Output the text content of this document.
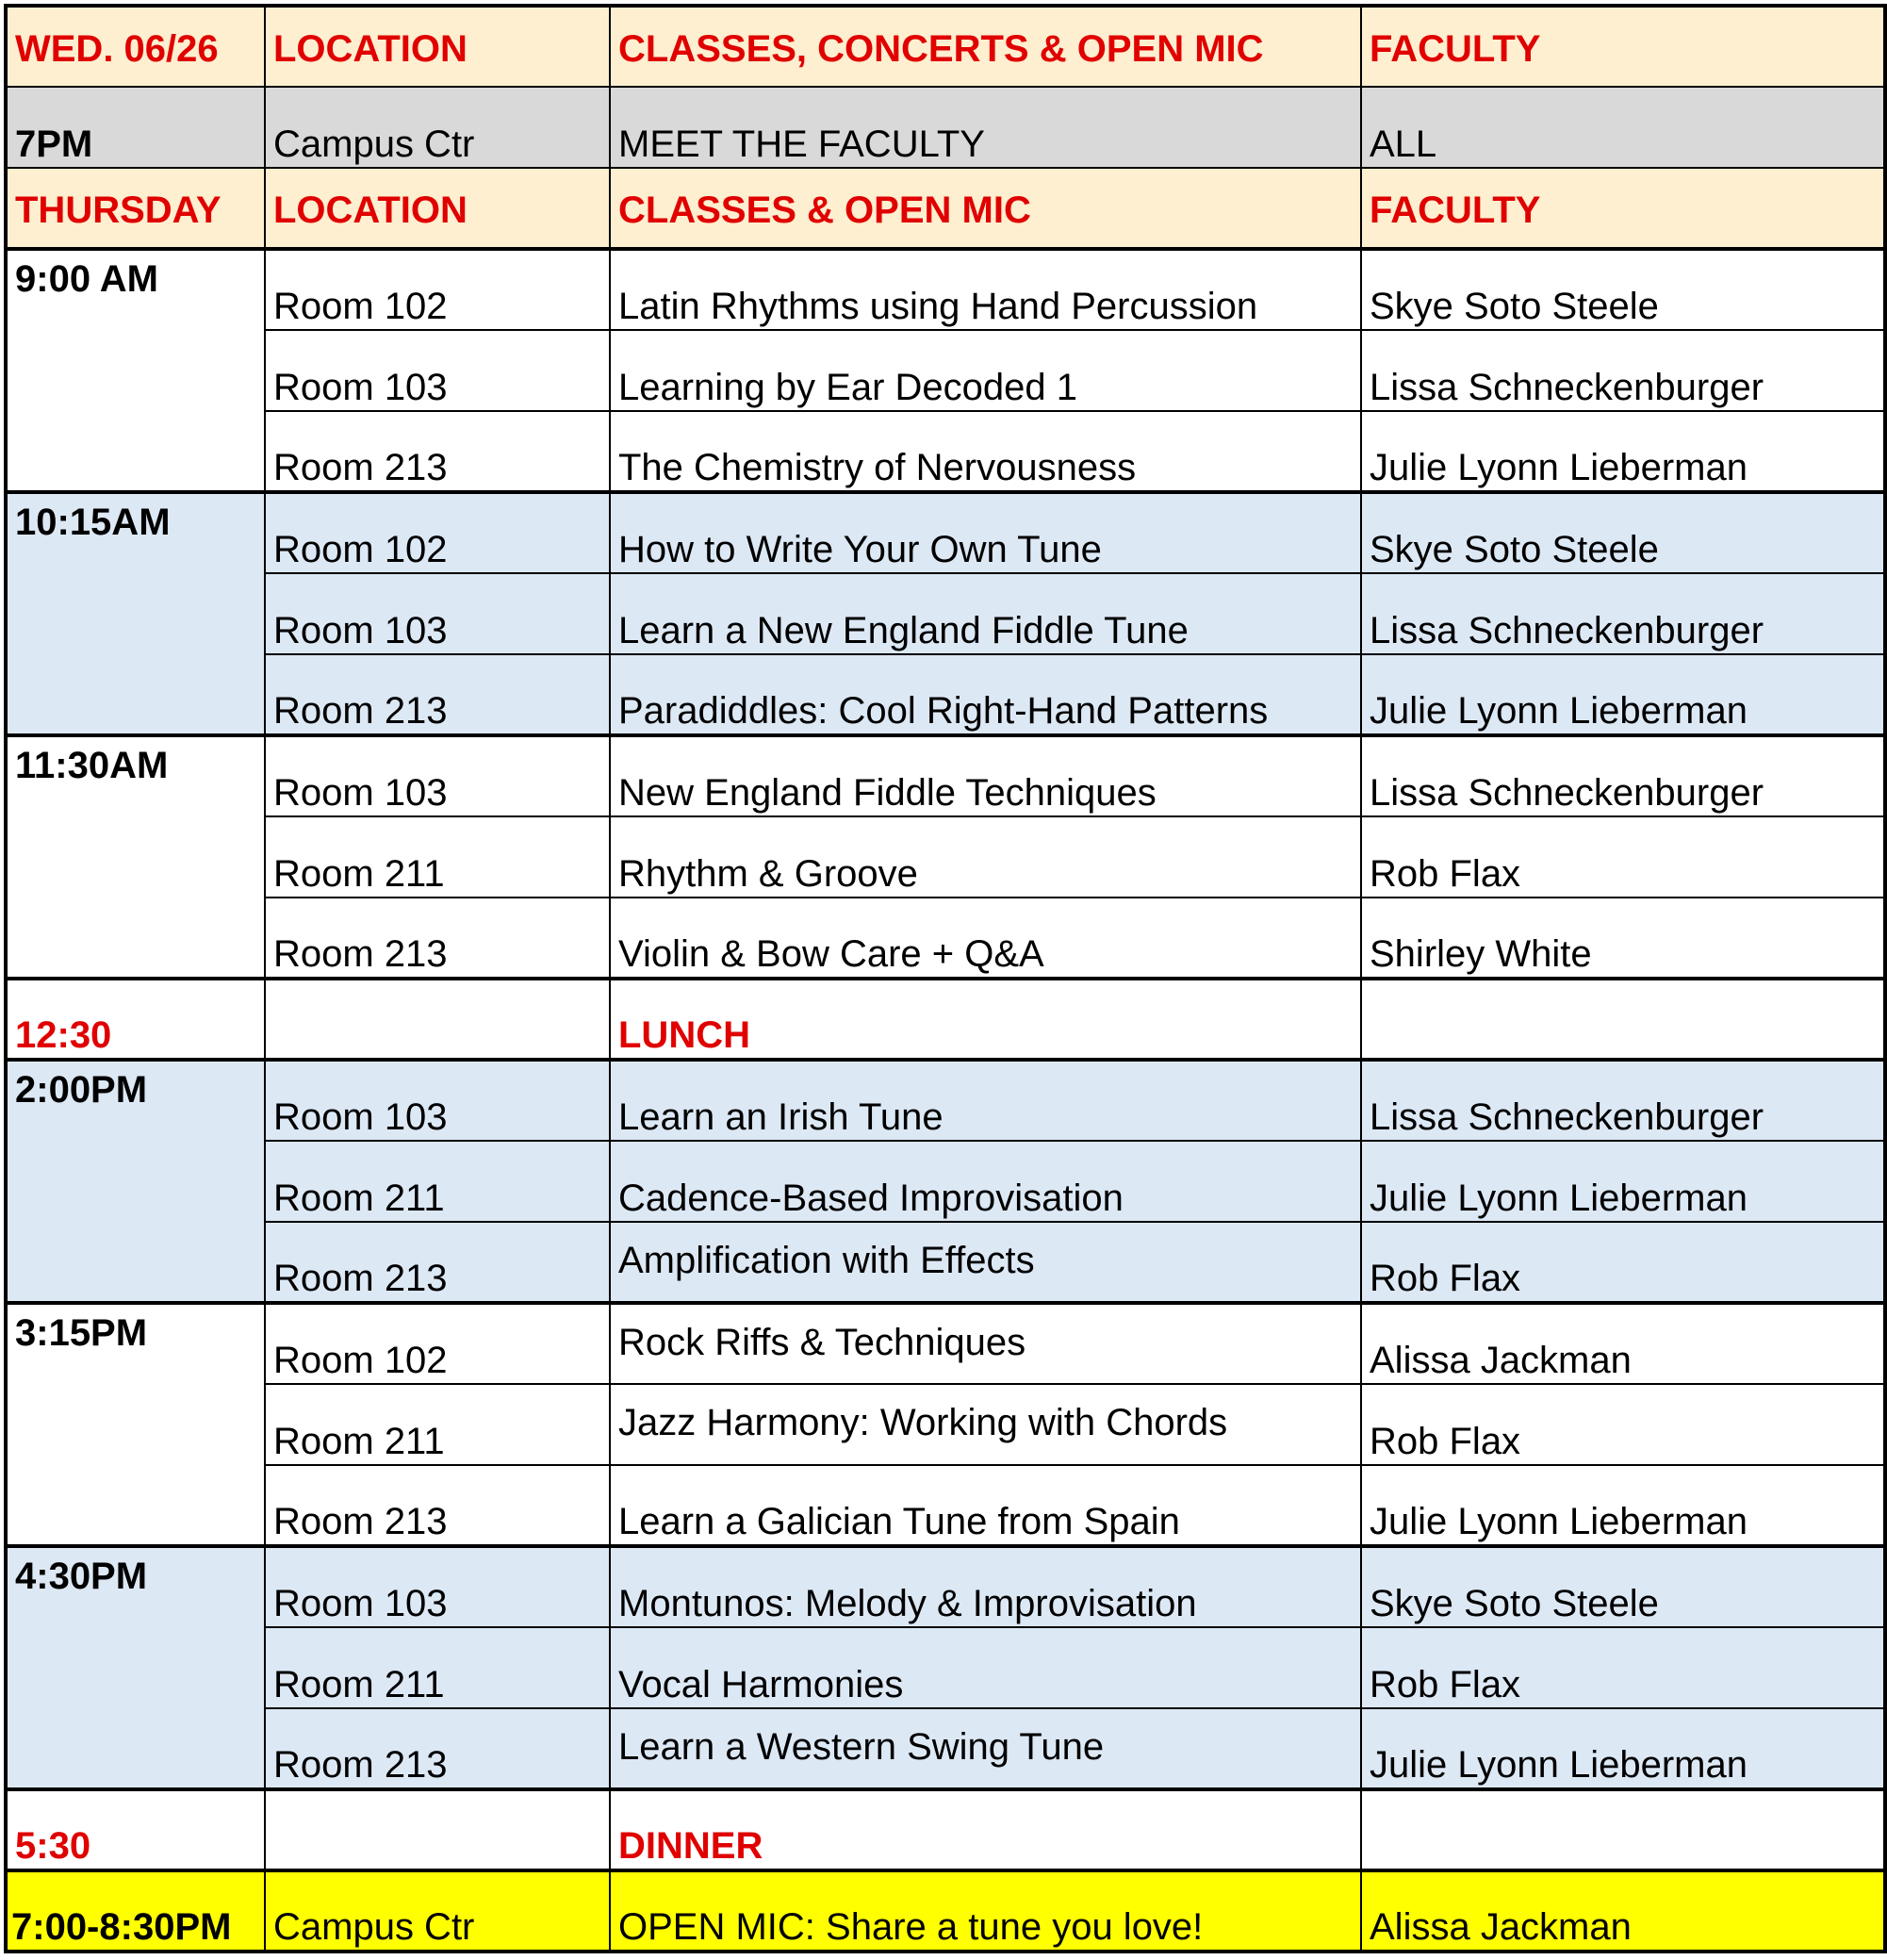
WED. 06/26	LOCATION	CLASSES, CONCERTS & OPEN MIC	FACULTY
7PM	Campus Ctr	MEET THE FACULTY	ALL
THURSDAY	LOCATION	CLASSES & OPEN MIC	FACULTY
9:00 AM	Room 102	Latin Rhythms using Hand Percussion	Skye Soto Steele
	Room 103	Learning by Ear Decoded 1	Lissa Schneckenburger
	Room 213	The Chemistry of Nervousness	Julie Lyonn Lieberman
10:15AM	Room 102	How to Write Your Own Tune	Skye Soto Steele
	Room 103	Learn a New England Fiddle Tune	Lissa Schneckenburger
	Room 213	Paradiddles: Cool Right-Hand Patterns	Julie Lyonn Lieberman
11:30AM	Room 103	New England Fiddle Techniques	Lissa Schneckenburger
	Room 211	Rhythm & Groove	Rob Flax
	Room 213	Violin & Bow Care + Q&A	Shirley White
12:30		LUNCH	
2:00PM	Room 103	Learn an Irish Tune	Lissa Schneckenburger
	Room 211	Cadence-Based Improvisation	Julie Lyonn Lieberman
	Room 213	Amplification with Effects	Rob Flax
3:15PM	Room 102	Rock Riffs & Techniques	Alissa Jackman
	Room 211	Jazz Harmony: Working with Chords	Rob Flax
	Room 213	Learn a Galician Tune from Spain	Julie Lyonn Lieberman
4:30PM	Room 103	Montunos: Melody & Improvisation	Skye Soto Steele
	Room 211	Vocal Harmonies	Rob Flax
	Room 213	Learn a Western Swing Tune	Julie Lyonn Lieberman
5:30		DINNER	
7:00-8:30PM	Campus Ctr	OPEN MIC: Share a tune you love!	Alissa Jackman
